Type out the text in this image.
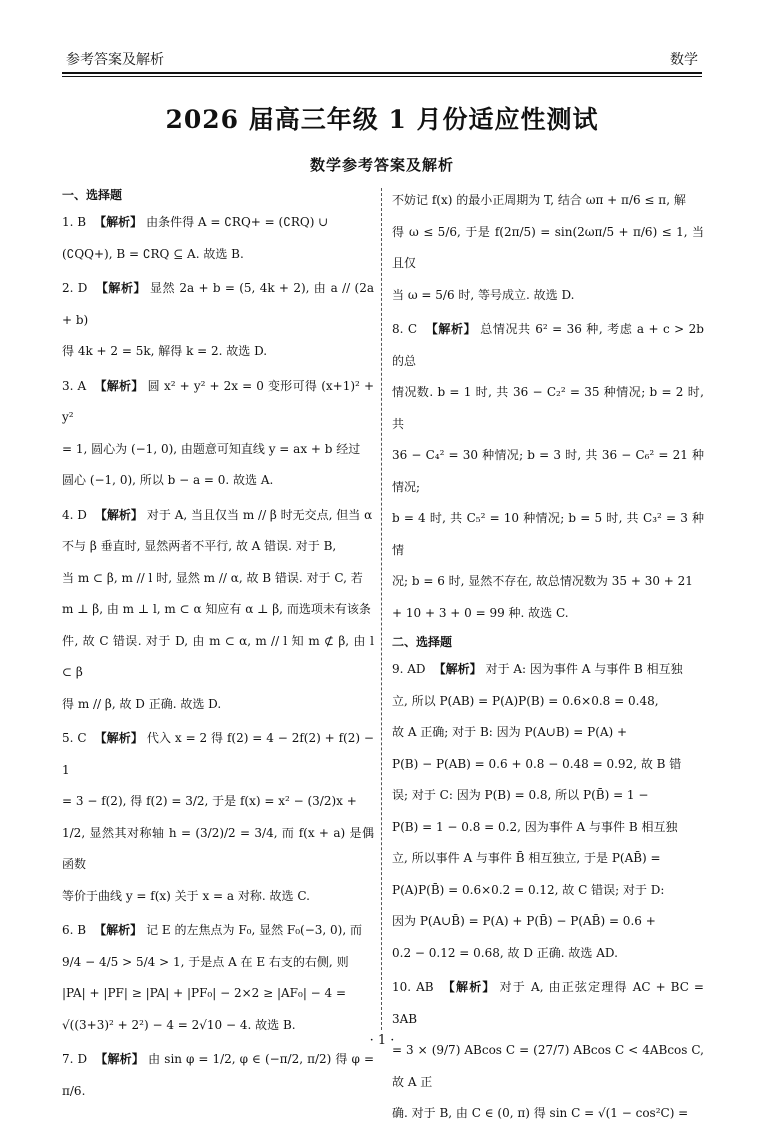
参考答案及解析	数学
2026 届高三年级 1 月份适应性测试
数学参考答案及解析
一、选择题

1. B 【解析】 由条件得 A = ∁RQ+ = (∁RQ) ∪

(∁QQ+), B = ∁RQ ⊆ A. 故选 B.

2. D 【解析】 显然 2a + b = (5, 4k + 2), 由 a // (2a + b)

得 4k + 2 = 5k, 解得 k = 2. 故选 D.

3. A 【解析】 圆 x² + y² + 2x = 0 变形可得 (x+1)² + y²

= 1, 圆心为 (−1, 0), 由题意可知直线 y = ax + b 经过

圆心 (−1, 0), 所以 b − a = 0. 故选 A.

4. D 【解析】 对于 A, 当且仅当 m // β 时无交点, 但当 α

不与 β 垂直时, 显然两者不平行, 故 A 错误. 对于 B,

当 m ⊂ β, m // l 时, 显然 m // α, 故 B 错误. 对于 C, 若

m ⊥ β, 由 m ⊥ l, m ⊂ α 知应有 α ⊥ β, 而选项未有该条

件, 故 C 错误. 对于 D, 由 m ⊂ α, m // l 知 m ⊄ β, 由 l ⊂ β

得 m // β, 故 D 正确. 故选 D.

5. C 【解析】 代入 x = 2 得 f(2) = 4 − 2f(2) + f(2) − 1

= 3 − f(2), 得 f(2) = 3/2, 于是 f(x) = x² − (3/2)x +

1/2, 显然其对称轴 h = (3/2)/2 = 3/4, 而 f(x + a) 是偶函数

等价于曲线 y = f(x) 关于 x = a 对称. 故选 C.

6. B 【解析】 记 E 的左焦点为 F₀, 显然 F₀(−3, 0), 而

9/4 − 4/5 > 5/4 > 1, 于是点 A 在 E 右支的右侧, 则

|PA| + |PF| ≥ |PA| + |PF₀| − 2×2 ≥ |AF₀| − 4 =

√((3+3)² + 2²) − 4 = 2√10 − 4. 故选 B.

7. D 【解析】 由 sin φ = 1/2, φ ∈ (−π/2, π/2) 得 φ = π/6.

不妨记 f(x) 的最小正周期为 T, 结合 ωπ + π/6 ≤ π, 解

得 ω ≤ 5/6, 于是 f(2π/5) = sin(2ωπ/5 + π/6) ≤ 1, 当且仅

当 ω = 5/6 时, 等号成立. 故选 D.

8. C 【解析】 总情况共 6² = 36 种, 考虑 a + c > 2b 的总

情况数. b = 1 时, 共 36 − C₂² = 35 种情况; b = 2 时, 共

36 − C₄² = 30 种情况; b = 3 时, 共 36 − C₆² = 21 种情况;

b = 4 时, 共 C₅² = 10 种情况; b = 5 时, 共 C₃² = 3 种情

况; b = 6 时, 显然不存在, 故总情况数为 35 + 30 + 21

+ 10 + 3 + 0 = 99 种. 故选 C.

二、选择题

9. AD 【解析】 对于 A: 因为事件 A 与事件 B 相互独

立, 所以 P(AB) = P(A)P(B) = 0.6×0.8 = 0.48,

故 A 正确; 对于 B: 因为 P(A∪B) = P(A) +

P(B) − P(AB) = 0.6 + 0.8 − 0.48 = 0.92, 故 B 错

误; 对于 C: 因为 P(B) = 0.8, 所以 P(B̄) = 1 −

P(B) = 1 − 0.8 = 0.2, 因为事件 A 与事件 B 相互独

立, 所以事件 A 与事件 B̄ 相互独立, 于是 P(AB̄) =

P(A)P(B̄) = 0.6×0.2 = 0.12, 故 C 错误; 对于 D:

因为 P(A∪B̄) = P(A) + P(B̄) − P(AB̄) = 0.6 +

0.2 − 0.12 = 0.68, 故 D 正确. 故选 AD.

10. AB 【解析】 对于 A, 由正弦定理得 AC + BC = 3AB

= 3 × (9/7) ABcos C = (27/7) ABcos C < 4ABcos C, 故 A 正

确. 对于 B, 由 C ∈ (0, π) 得 sin C = √(1 − cos²C) =

· 1 ·
